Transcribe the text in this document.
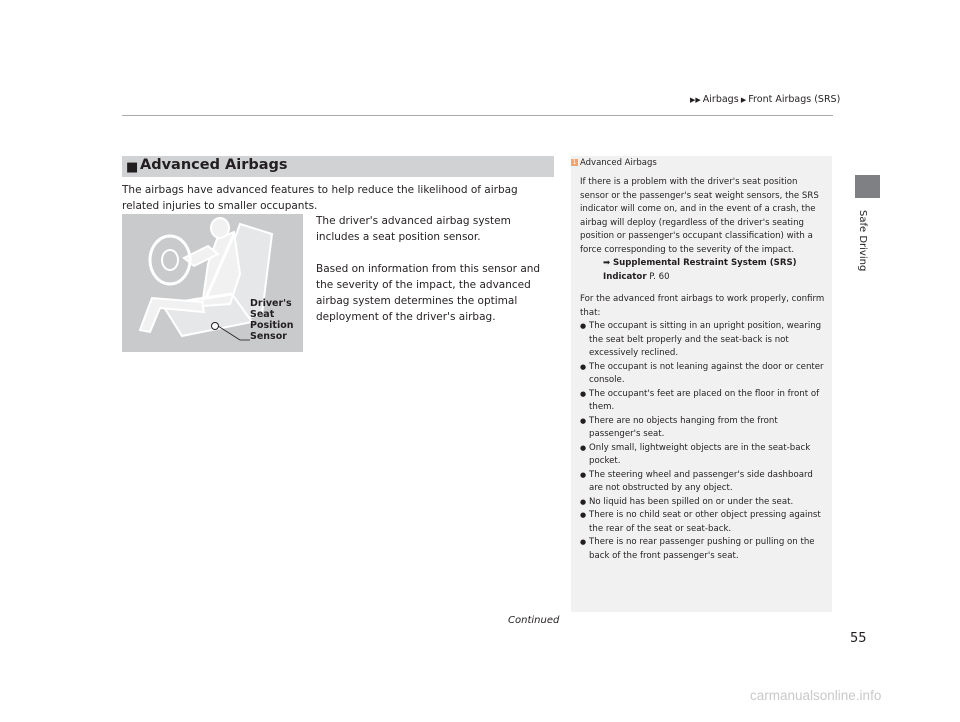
▶▶ Airbags ▶ Front Airbags (SRS)
Safe Driving
■ Advanced Airbags
The airbags have advanced features to help reduce the likelihood of airbag related injuries to smaller occupants.
The driver's advanced airbag system includes a seat position sensor.
Based on information from this sensor and the severity of the impact, the advanced airbag system determines the optimal deployment of the driver's airbag.
Driver's
Seat
Position
Sensor
1 Advanced Airbags

If there is a problem with the driver's seat position sensor or the passenger's seat weight sensors, the SRS indicator will come on, and in the event of a crash, the airbag will deploy (regardless of the driver's seating position or passenger's occupant classification) with a force corresponding to the severity of the impact.

➡ Supplemental Restraint System (SRS) Indicator P. 60

For the advanced front airbags to work properly, confirm that:

● The occupant is sitting in an upright position, wearing the seat belt properly and the seat-back is not excessively reclined.
● The occupant is not leaning against the door or center console.
● The occupant's feet are placed on the floor in front of them.
● There are no objects hanging from the front passenger's seat.
● Only small, lightweight objects are in the seat-back pocket.
● The steering wheel and passenger's side dashboard are not obstructed by any object.
● No liquid has been spilled on or under the seat.
● There is no child seat or other object pressing against the rear of the seat or seat-back.
● There is no rear passenger pushing or pulling on the back of the front passenger's seat.
Continued
55
carmanualsonline.info
